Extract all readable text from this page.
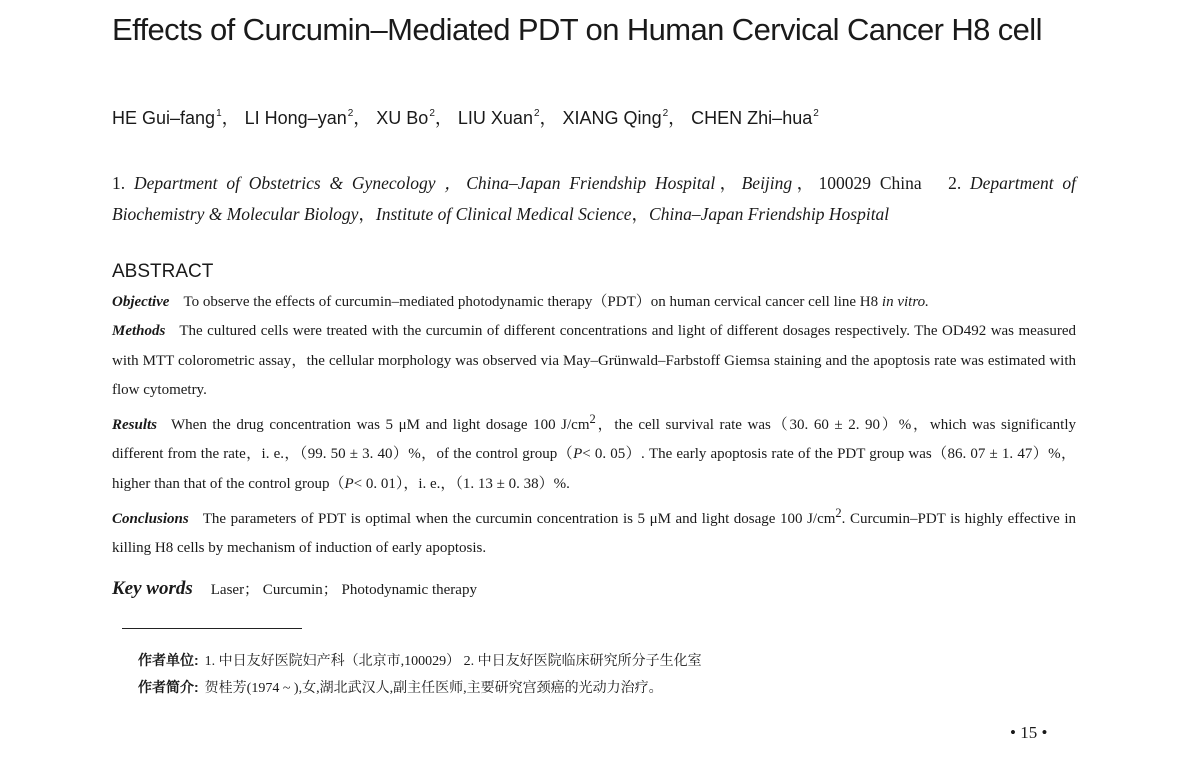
Effects of Curcumin–Mediated PDT on Human Cervical Cancer H8 cell
HE Gui–fang$^1$， LI Hong–yan$^2$， XU Bo$^2$， LIU Xuan$^2$， XIANG Qing$^2$， CHEN Zhi–hua$^2$
1. Department of Obstetrics & Gynecology ，China–Japan Friendship Hospital，Beijing，100029 China 2. Department of Biochemistry & Molecular Biology，Institute of Clinical Medical Science，China–Japan Friendship Hospital
ABSTRACT

Objective To observe the effects of curcumin–mediated photodynamic therapy（PDT）on human cervical cancer cell line H8 in vitro.

Methods The cultured cells were treated with the curcumin of different concentrations and light of different dosages respectively. The OD492 was measured with MTT colorometric assay，the cellular morphology was observed via May–Grünwald–Farbstoff Giemsa staining and the apoptosis rate was estimated with flow cytometry.

Results When the drug concentration was 5 μM and light dosage 100 $J/cm^2$，the cell survival rate was（30. 60 ± 2. 90）%，which was significantly different from the rate，i. e.，（99. 50 ± 3. 40）%，of the control group（P< 0. 05）. The early apoptosis rate of the PDT group was（86. 07 ± 1. 47）%，higher than that of the control group（P< 0. 01），i. e.，（1. 13 ± 0. 38）%.

Conclusions The parameters of PDT is optimal when the curcumin concentration is 5 μM and light dosage 100 $J/cm^2$. Curcumin–PDT is highly effective in killing H8 cells by mechanism of induction of early apoptosis.

Key words Laser； Curcumin； Photodynamic therapy
作者单位: 1. 中日友好医院妇产科（北京市,100029） 2. 中日友好医院临床研究所分子生化室
作者简介: 贺桂芳(1974 ~ ),女,湖北武汉人,副主任医师,主要研究宫颈癌的光动力治疗。
• 15 •
